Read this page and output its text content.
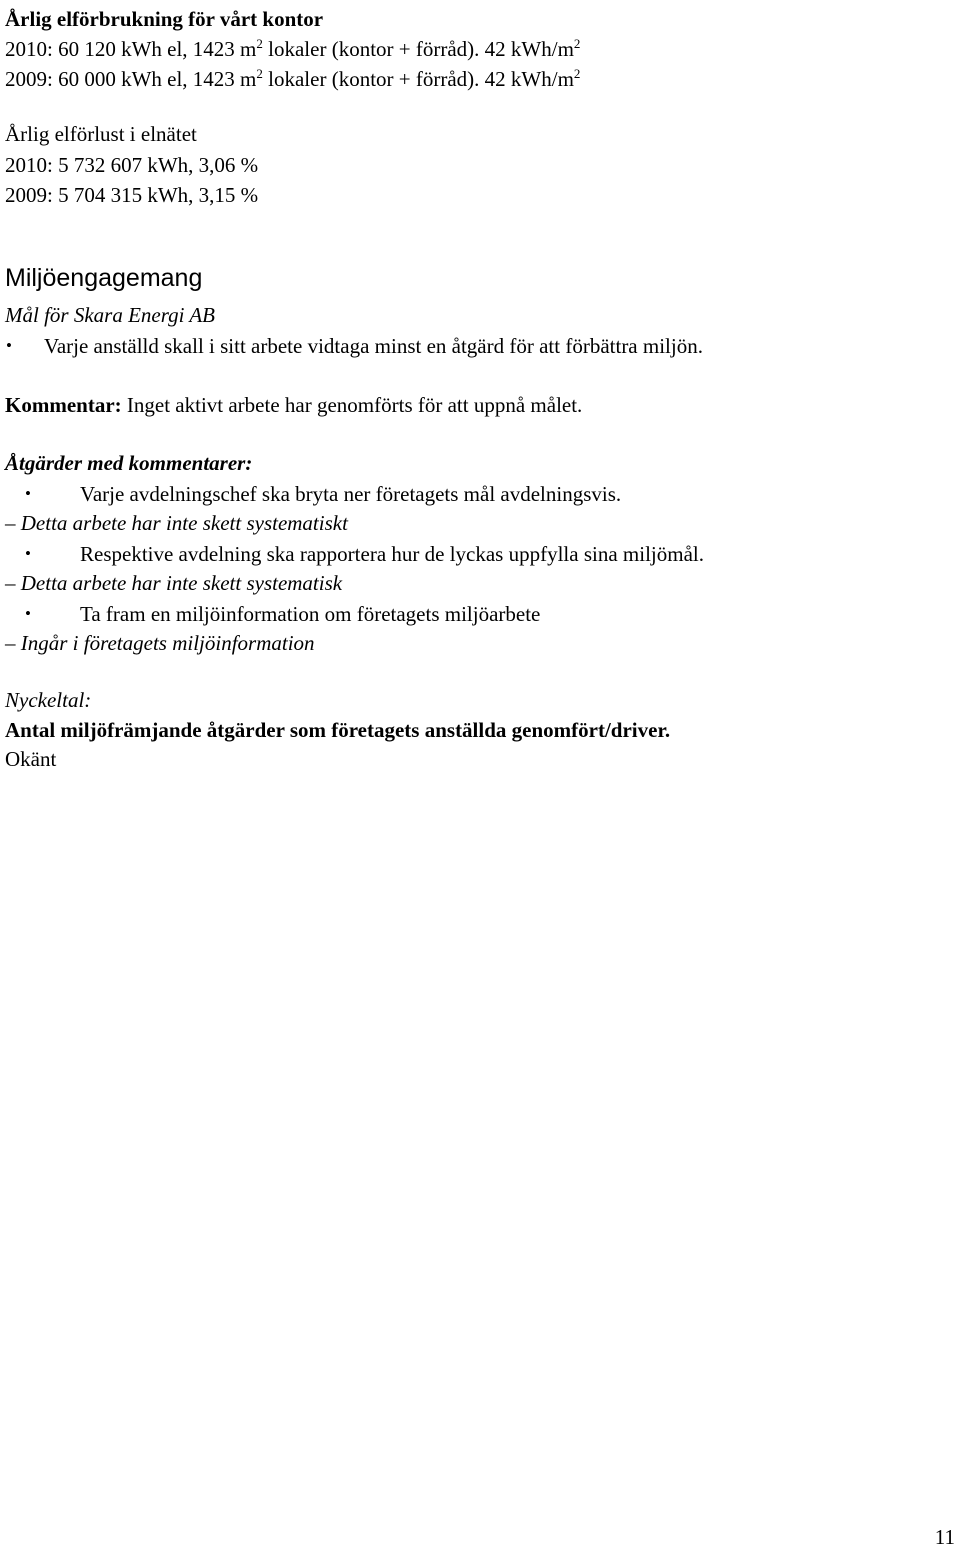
Årlig elförbrukning för vårt kontor
2010: 60 120 kWh el, 1423 $m^2$ lokaler (kontor + förråd). 42 kWh/$m^2$
2009: 60 000 kWh el, 1423 $m^2$ lokaler (kontor + förråd). 42 kWh/$m^2$
Årlig elförlust i elnätet
2010: 5 732 607 kWh, 3,06 %
2009: 5 704 315 kWh, 3,15 %
Miljöengagemang
Mål för Skara Energi AB
• Varje anställd skall i sitt arbete vidtaga minst en åtgärd för att förbättra miljön.
Kommentar: Inget aktivt arbete har genomförts för att uppnå målet.
Åtgärder med kommentarer:
• Varje avdelningschef ska bryta ner företagets mål avdelningsvis.
– Detta arbete har inte skett systematiskt
• Respektive avdelning ska rapportera hur de lyckas uppfylla sina miljömål.
– Detta arbete har inte skett systematisk
• Ta fram en miljöinformation om företagets miljöarbete
– Ingår i företagets miljöinformation
Nyckeltal:
Antal miljöfrämjande åtgärder som företagets anställda genomfört/driver.
Okänt
11
